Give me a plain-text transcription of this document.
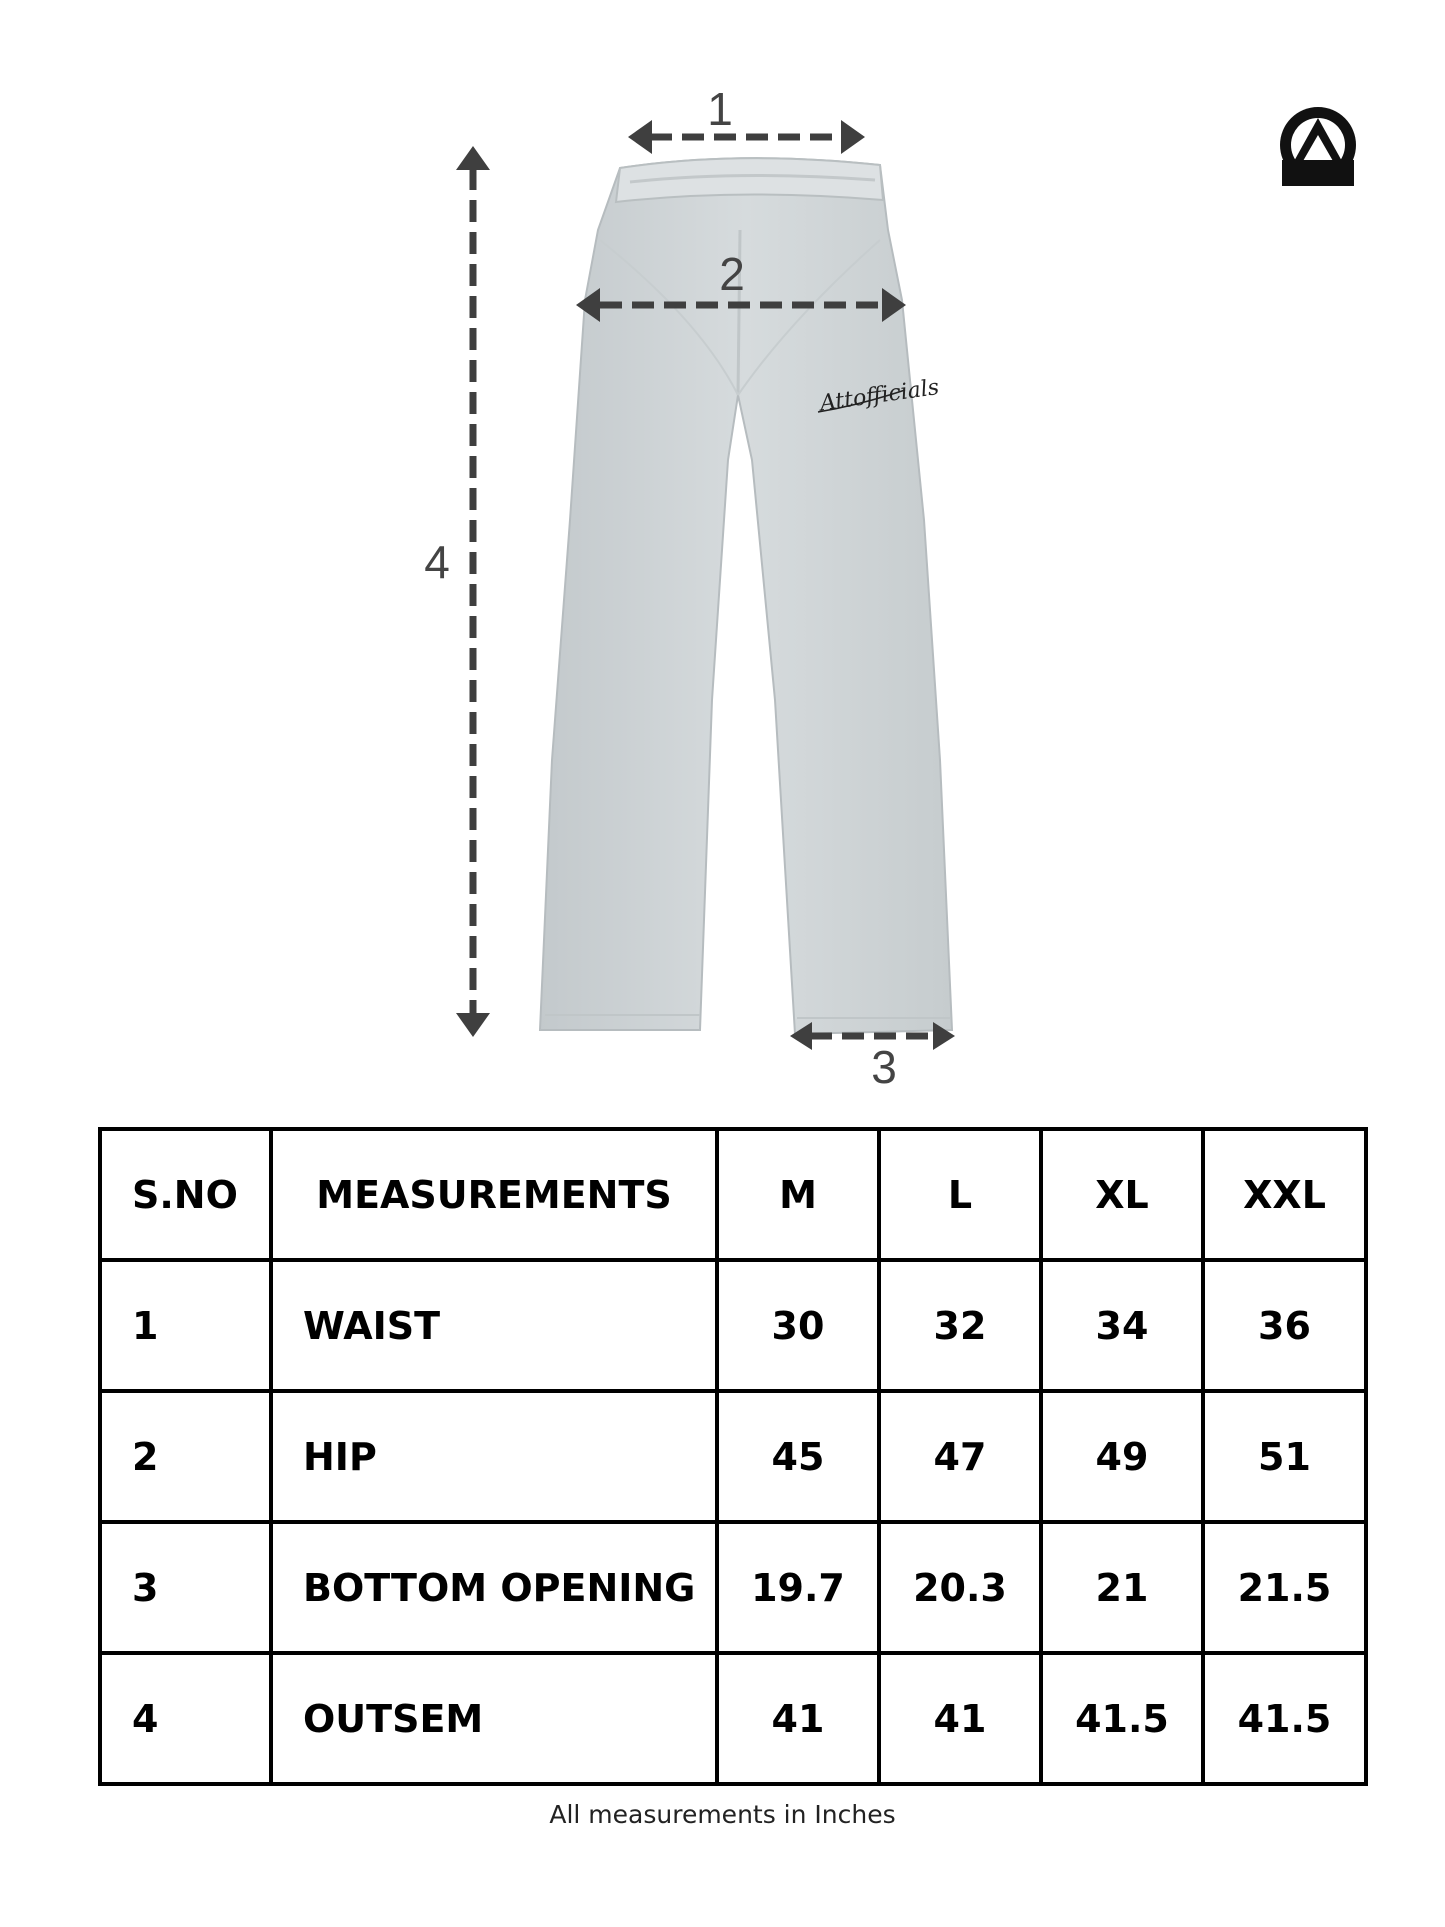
Attofficials
1
2
3
4
S.NO	MEASUREMENTS	M	L	XL	XXL
1	WAIST	30	32	34	36
2	HIP	45	47	49	51
3	BOTTOM OPENING	19.7	20.3	21	21.5
4	OUTSEM	41	41	41.5	41.5
All measurements in Inches
